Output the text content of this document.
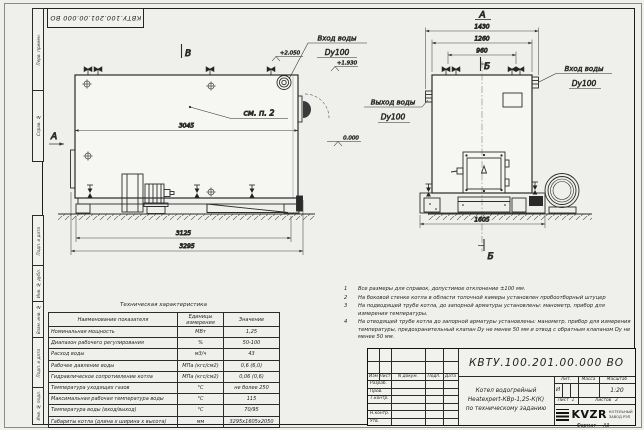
КВТУ.100.201.00.000 ВО
Перв. примен.
Справ. №
Подп. и дата
Инв. № дубл.
Взам. инв. №
Подп. и дата
Инв. № подл.
3045
3125
3295
В
А
см. п. 2
Вход воды
Dy100
+2.050
+1.930
0.000
А
Б
1430
1260
960
1605
Выход воды
Dy100
Вход воды
Dy100
Б
1	Все размеры для справок, допустимое отклонение ±100 мм.
2	На боковой стенке котла в области топочной камеры установлен пробоотборный штуцер
3	На подводящей трубе котла, до запорной арматуры установлены: манометр, прибор для измерения температуры.
4	На отводящей трубе котла до запорной арматуры установлены: манометр, прибор для измерения температуры, предохранительный клапан Dу не менее 50 мм и отвод с обратным клапаном Dу не менее 50 мм.
Техническая характеристика
Наименование показателя	Единицы измерения	Значение
Номинальная мощность	МВт	1,25
Диапазон рабочего регулирования	%	50-100
Расход воды	м3/ч	43
Рабочее давление воды	МПа (кгс/см2)	0,6 (6,0)
Гидравлическое сопротивление котла	МПа (кгс/см2)	0,06 (0,6)
Температура уходящих газов	°С	не более 250
Максимальная рабочая температура воды	°С	115
Температура воды (вход/выход)	°С	70/95
Габариты котла (длина х ширина х высота)	мм	3295х1605х2050
КВТУ.100.201.00.000 ВО
Изм Лист	N докум.	Подп.	Дата
Разраб.
Пров.
Т.контр.
Н.контр.
Утв.
Котел водогрейный
Heatexpert-КВр-1,25-К(К)
по техническому заданию
Лит.	Масса	Масштаб
И	1:20
Лист 1	Листов 2
KVZR КОТЕЛЬНЫЙ
ЗАВОД РЭП
Формат А3
